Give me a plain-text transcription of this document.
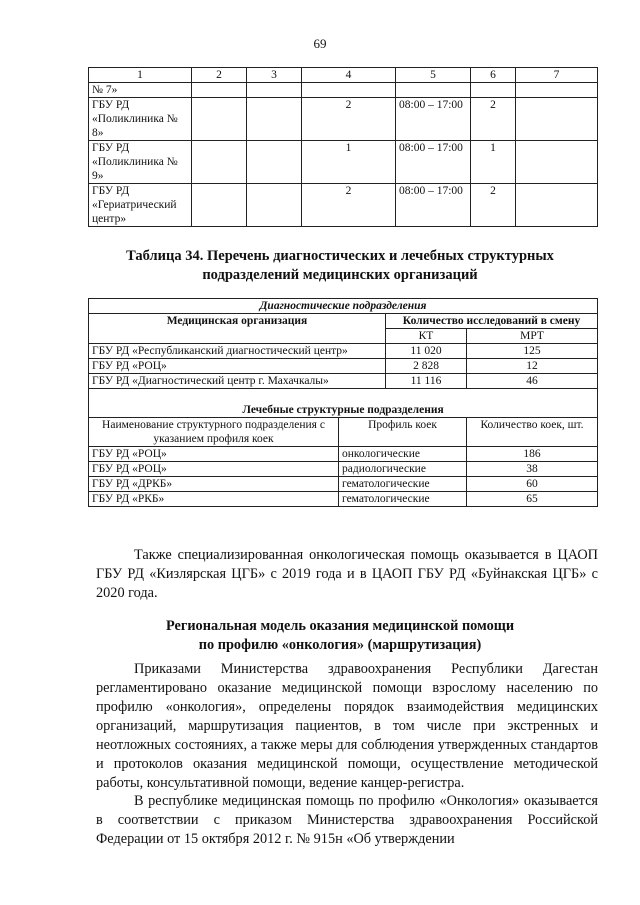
69
1	2	3	4	5	6	7
№ 7»						
ГБУ РД «Поликлиника № 8»			2	08:00 – 17:00	2	
ГБУ РД «Поликлиника № 9»			1	08:00 – 17:00	1	
ГБУ РД «Гериатрический центр»			2	08:00 – 17:00	2	
Таблица 34. Перечень диагностических и лечебных структурных
подразделений медицинских организаций
Диагностические подразделения			
Медицинская организация		Количество исследований в смену	
		КТ	МРТ
ГБУ РД «Республиканский диагностический центр»		11 020	125
ГБУ РД «РОЦ»		2 828	12
ГБУ РД «Диагностический центр г. Махачкалы»		11 116	46

Лечебные структурные подразделения			
Наименование структурного подразделения с указанием профиля коек	Профиль коек		Количество коек, шт.
ГБУ РД «РОЦ»	онкологические		186
ГБУ РД «РОЦ»	радиологические		38
ГБУ РД «ДРКБ»	гематологические		60
ГБУ РД «РКБ»	гематологические		65
Также специализированная онкологическая помощь оказывается в ЦАОП ГБУ РД «Кизлярская ЦГБ» с 2019 года и в ЦАОП ГБУ РД «Буйнакская ЦГБ» с 2020 года.
Региональная модель оказания медицинской помощи
по профилю «онкология» (маршрутизация)
Приказами Министерства здравоохранения Республики Дагестан регламентировано оказание медицинской помощи взрослому населению по профилю «онкология», определены порядок взаимодействия медицинских организаций, маршрутизация пациентов, в том числе при экстренных и неотложных состояниях, а также меры для соблюдения утвержденных стандартов и протоколов оказания медицинской помощи, осуществление методической работы, консультативной помощи, ведение канцер-регистра.
В республике медицинская помощь по профилю «Онкология» оказывается в соответствии с приказом Министерства здравоохранения Российской Федерации от 15 октября 2012 г. № 915н «Об утверждении
